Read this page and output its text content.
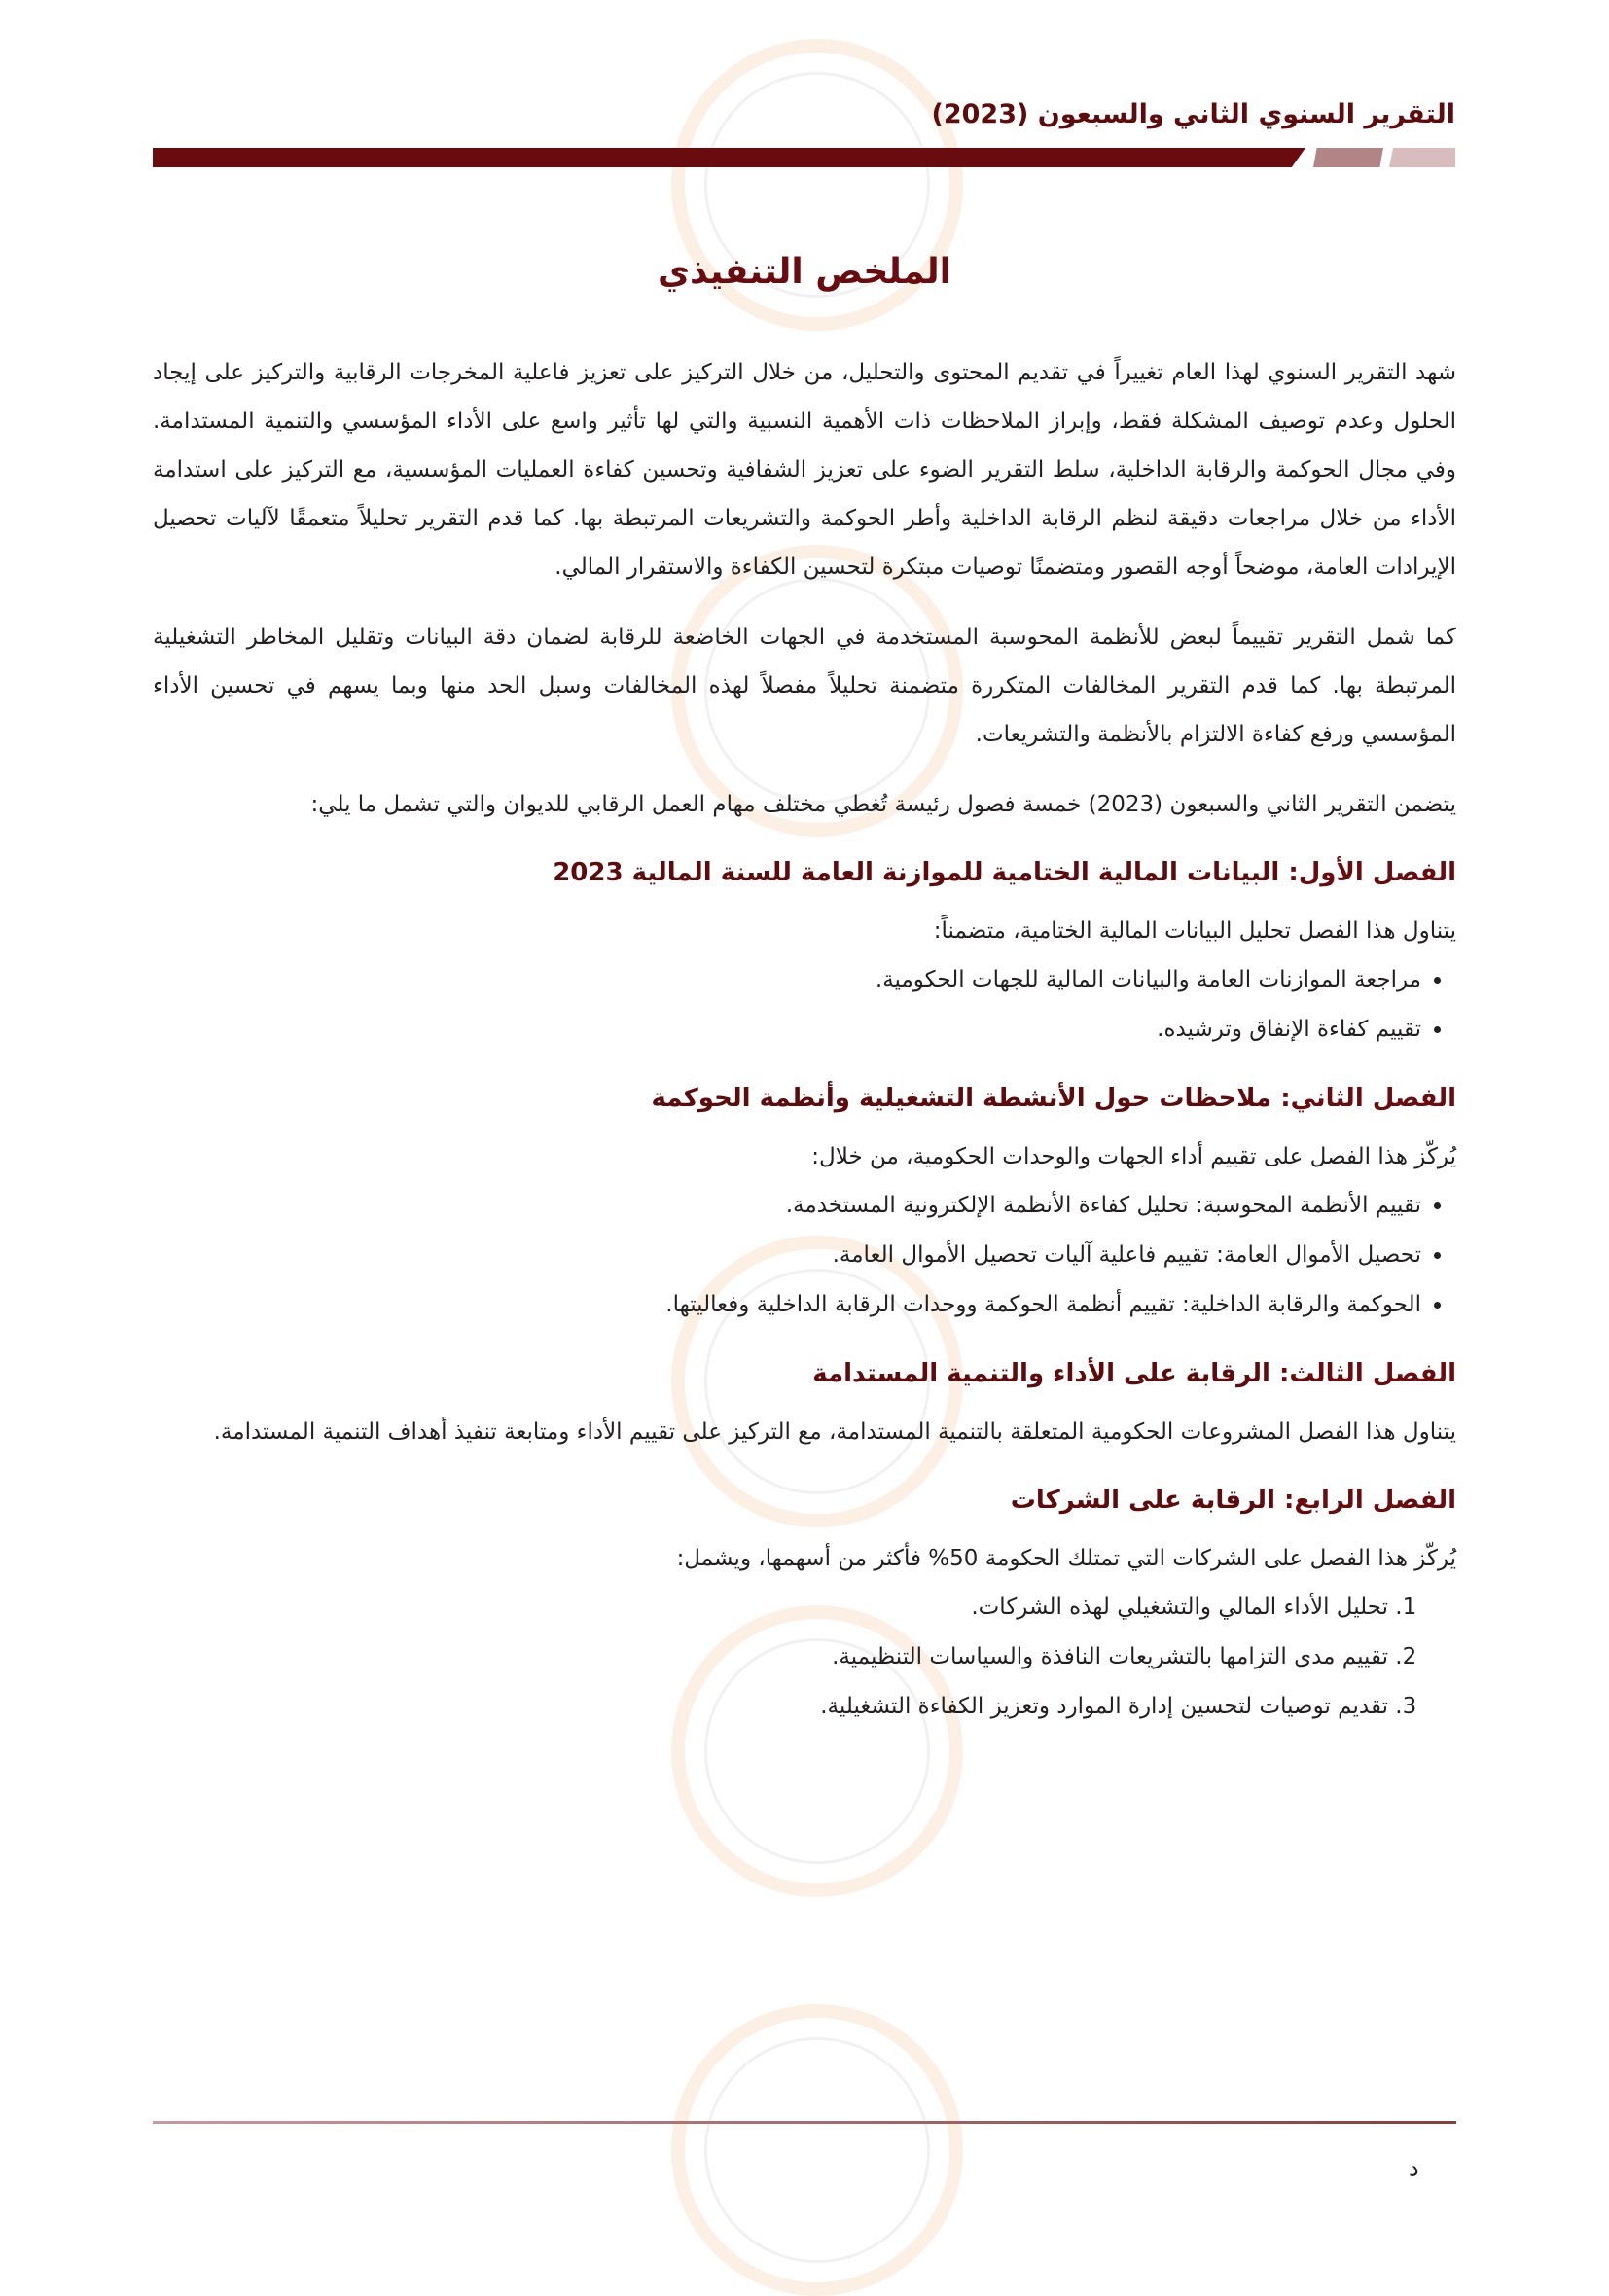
التقرير السنوي الثاني والسبعون (2023)
الملخص التنفيذي

شهد التقرير السنوي لهذا العام تغييراً في تقديم المحتوى والتحليل، من خلال التركيز على تعزيز فاعلية المخرجات الرقابية والتركيز على إيجاد الحلول وعدم توصيف المشكلة فقط، وإبراز الملاحظات ذات الأهمية النسبية والتي لها تأثير واسع على الأداء المؤسسي والتنمية المستدامة. وفي مجال الحوكمة والرقابة الداخلية، سلط التقرير الضوء على تعزيز الشفافية وتحسين كفاءة العمليات المؤسسية، مع التركيز على استدامة الأداء من خلال مراجعات دقيقة لنظم الرقابة الداخلية وأطر الحوكمة والتشريعات المرتبطة بها. كما قدم التقرير تحليلاً متعمقًا لآليات تحصيل الإيرادات العامة، موضحاً أوجه القصور ومتضمنًا توصيات مبتكرة لتحسين الكفاءة والاستقرار المالي.

كما شمل التقرير تقييماً لبعض للأنظمة المحوسبة المستخدمة في الجهات الخاضعة للرقابة لضمان دقة البيانات وتقليل المخاطر التشغيلية المرتبطة بها. كما قدم التقرير المخالفات المتكررة متضمنة تحليلاً مفصلاً لهذه المخالفات وسبل الحد منها وبما يسهم في تحسين الأداء المؤسسي ورفع كفاءة الالتزام بالأنظمة والتشريعات.

يتضمن التقرير الثاني والسبعون (2023) خمسة فصول رئيسة تُغطي مختلف مهام العمل الرقابي للديوان والتي تشمل ما يلي:

الفصل الأول: البيانات المالية الختامية للموازنة العامة للسنة المالية 2023

يتناول هذا الفصل تحليل البيانات المالية الختامية، متضمناً:

• مراجعة الموازنات العامة والبيانات المالية للجهات الحكومية.
• تقييم كفاءة الإنفاق وترشيده.
الفصل الثاني: ملاحظات حول الأنشطة التشغيلية وأنظمة الحوكمة

يُركّز هذا الفصل على تقييم أداء الجهات والوحدات الحكومية، من خلال:

• تقييم الأنظمة المحوسبة: تحليل كفاءة الأنظمة الإلكترونية المستخدمة.
• تحصيل الأموال العامة: تقييم فاعلية آليات تحصيل الأموال العامة.
• الحوكمة والرقابة الداخلية: تقييم أنظمة الحوكمة ووحدات الرقابة الداخلية وفعاليتها.
الفصل الثالث: الرقابة على الأداء والتنمية المستدامة

يتناول هذا الفصل المشروعات الحكومية المتعلقة بالتنمية المستدامة، مع التركيز على تقييم الأداء ومتابعة تنفيذ أهداف التنمية المستدامة.

الفصل الرابع: الرقابة على الشركات

يُركّز هذا الفصل على الشركات التي تمتلك الحكومة 50% فأكثر من أسهمها، ويشمل:

1. تحليل الأداء المالي والتشغيلي لهذه الشركات.
2. تقييم مدى التزامها بالتشريعات النافذة والسياسات التنظيمية.
3. تقديم توصيات لتحسين إدارة الموارد وتعزيز الكفاءة التشغيلية.
د
